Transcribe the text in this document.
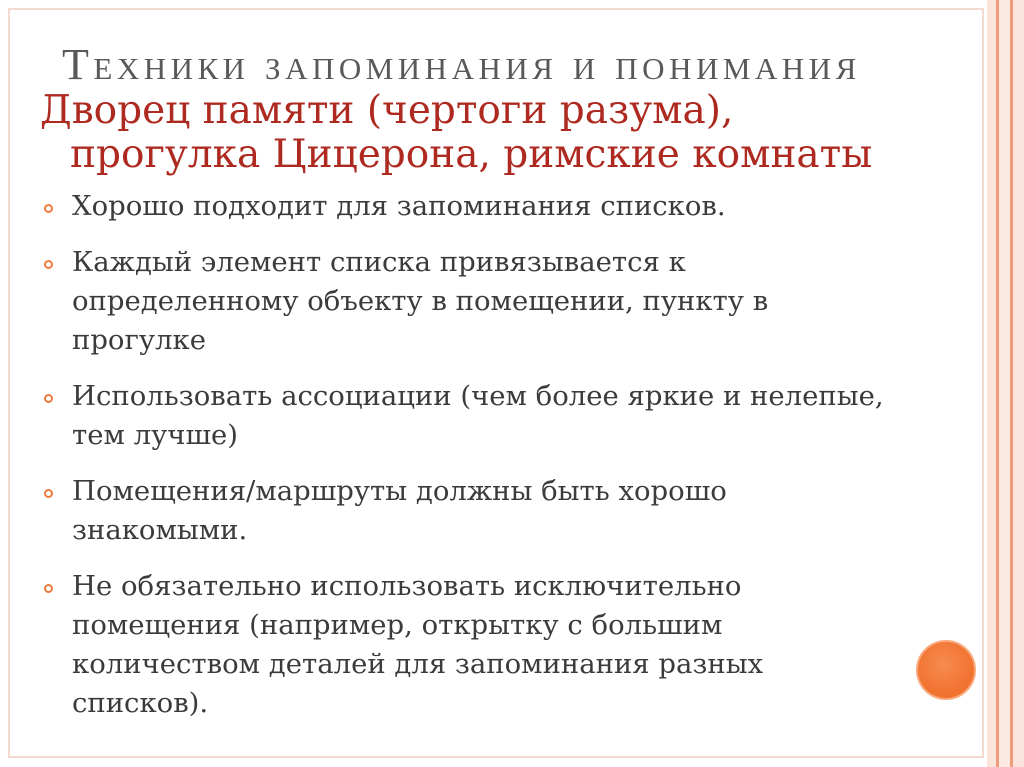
Техники запоминания и понимания
Дворец памяти (чертоги разума),
прогулка Цицерона, римские комнаты
Хорошо подходит для запоминания списков.
Каждый элемент списка привязывается к
определенному объекту в помещении, пункту в
прогулке
Использовать ассоциации (чем более яркие и нелепые,
тем лучше)
Помещения/маршруты должны быть хорошо
знакомыми.
Не обязательно использовать исключительно
помещения (например, открытку с большим
количеством деталей для запоминания разных
списков).
